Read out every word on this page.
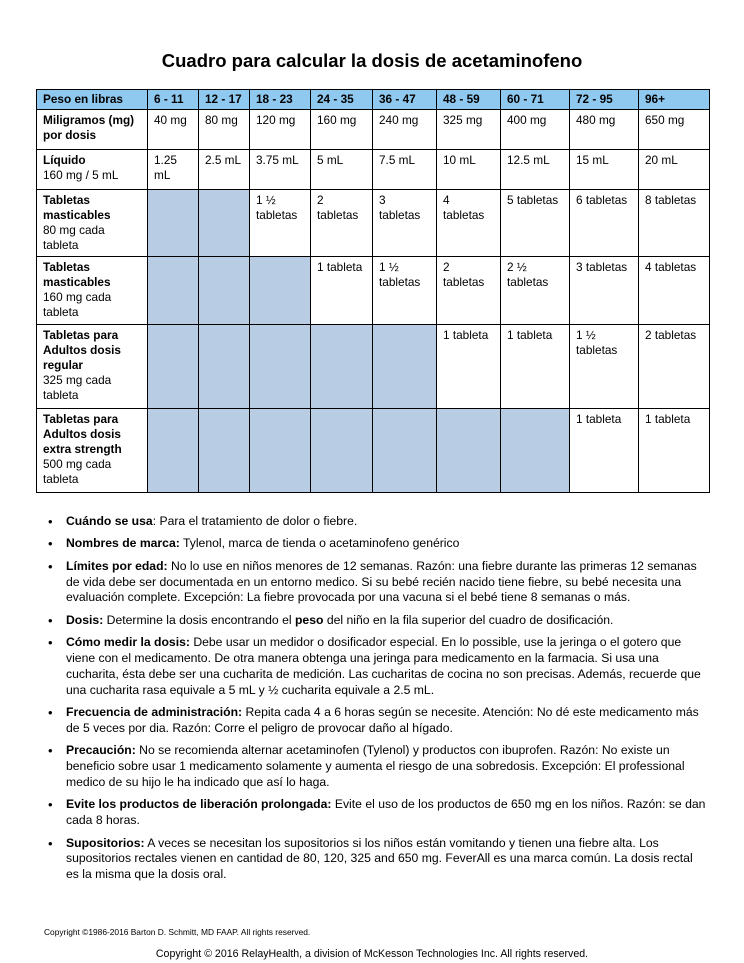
Cuadro para calcular la dosis de acetaminofeno
Peso en libras	6 - 11	12 - 17	18 - 23	24 - 35	36 - 47	48 - 59	60 - 71	72 - 95	96+
Miligramos (mg) por dosis	40 mg	80 mg	120 mg	160 mg	240 mg	325 mg	400 mg	480 mg	650 mg
Líquido
160 mg / 5 mL	1.25 mL	2.5 mL	3.75 mL	5 mL	7.5 mL	10 mL	12.5 mL	15 mL	20 mL
Tabletas masticables
80 mg cada tableta			1 ½ tabletas	2 tabletas	3 tabletas	4 tabletas	5 tabletas	6 tabletas	8 tabletas
Tabletas masticables
160 mg cada tableta				1 tableta	1 ½ tabletas	2 tabletas	2 ½ tabletas	3 tabletas	4 tabletas
Tabletas para Adultos dosis regular
325 mg cada tableta						1 tableta	1 tableta	1 ½ tabletas	2 tabletas
Tabletas para Adultos dosis extra strength
500 mg cada tableta								1 tableta	1 tableta
• Cuándo se usa: Para el tratamiento de dolor o fiebre.
• Nombres de marca: Tylenol, marca de tienda o acetaminofeno genérico
• Límites por edad: No lo use en niños menores de 12 semanas. Razón: una fiebre durante las primeras 12 semanas de vida debe ser documentada en un entorno medico. Si su bebé recién nacido tiene fiebre, su bebé necesita una evaluación complete. Excepción: La fiebre provocada por una vacuna si el bebé tiene 8 semanas o más.
• Dosis: Determine la dosis encontrando el peso del niño en la fila superior del cuadro de dosificación.
• Cómo medir la dosis: Debe usar un medidor o dosificador especial. En lo possible, use la jeringa o el gotero que viene con el medicamento. De otra manera obtenga una jeringa para medicamento en la farmacia. Si usa una cucharita, ésta debe ser una cucharita de medición. Las cucharitas de cocina no son precisas. Además, recuerde que una cucharita rasa equivale a 5 mL y ½ cucharita equivale a 2.5 mL.
• Frecuencia de administración: Repita cada 4 a 6 horas según se necesite. Atención: No dé este medicamento más de 5 veces por dia. Razón: Corre el peligro de provocar daño al hígado.
• Precaución: No se recomienda alternar acetaminofen (Tylenol) y productos con ibuprofen. Razón: No existe un beneficio sobre usar 1 medicamento solamente y aumenta el riesgo de una sobredosis. Excepción: El professional medico de su hijo le ha indicado que así lo haga.
• Evite los productos de liberación prolongada: Evite el uso de los productos de 650 mg en los niños. Razón: se dan cada 8 horas.
• Supositorios: A veces se necesitan los supositorios si los niños están vomitando y tienen una fiebre alta. Los supositorios rectales vienen en cantidad de 80, 120, 325 and 650 mg. FeverAll es una marca común. La dosis rectal es la misma que la dosis oral.
Copyright ©1986-2016 Barton D. Schmitt, MD FAAP. All rights reserved.
Copyright © 2016 RelayHealth, a division of McKesson Technologies Inc. All rights reserved.
